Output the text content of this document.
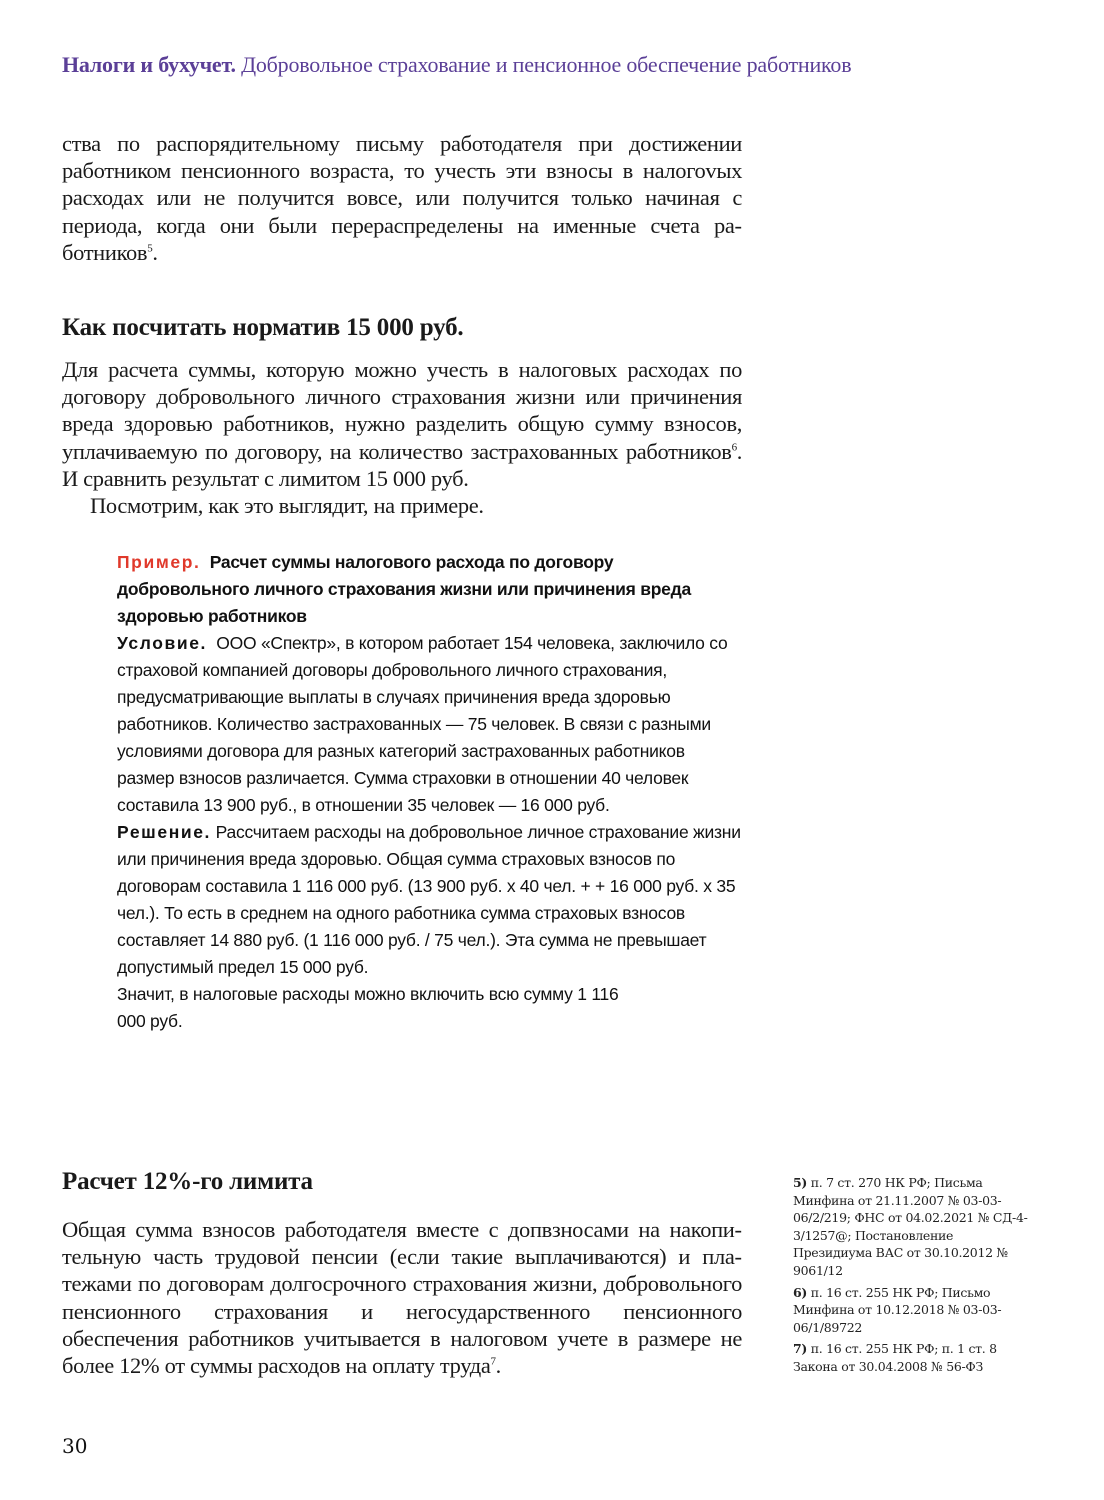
Налоги и бухучет. Добровольное страхование и пенсионное обеспечение работников

ства по распорядительному письму работодателя при достижении работником пенсионного возраста, то учесть эти взносы в налогоvых расходах или не получится вовсе, или получится только начиная с периода, когда они были перераспределены на именные счета работников$^5$.

Как посчитать норматив 15 000 руб.

Для расчета суммы, которую можно учесть в налоговых расходах по договору добровольного личного страхования жизни или причинения вреда здоровью работников, нужно разделить общую сумму взносов, уплачиваемую по договору, на количество застрахованных работников$^6$. И сравнить результат с лимитом 15 000 руб.

Посмотрим, как это выглядит, на примере.

Пример. Расчет суммы налогового расхода по договору добровольного личного страхования жизни или причинения вреда здоровью работников

Условие. ООО «Спектр», в котором работает 154 человека, заключило со страховой компанией договоры добровольного личного страхования, предусматривающие выплаты в случаях причинения вреда здоровью работников. Количество застрахованных — 75 человек. В связи с разными условиями договора для разных категорий застрахованных работников размер взносов различается. Сумма страховки в отношении 40 человек составила 13 900 руб., в отношении 35 человек — 16 000 руб.

Решение. Рассчитаем расходы на добровольное личное страхование жизни или причинения вреда здоровью. Общая сумма страховых взносов по договорам составила 1 116 000 руб. (13 900 руб. х 40 чел. + + 16 000 руб. х 35 чел.). То есть в среднем на одного работника сумма страховых взносов составляет 14 880 руб. (1 116 000 руб. / 75 чел.). Эта сумма не превышает допустимый предел 15 000 руб.

Значит, в налоговые расходы можно включить всю сумму 1 116 000 руб.

Расчет 12%-го лимита

Общая сумма взносов работодателя вместе с допвзносами на накопительную часть трудовой пенсии (если такие выплачиваются) и платежами по договорам долгосрочного страхования жизни, добровольного пенсионного страхования и негосударственного пенсионного обеспечения работников учитывается в налоговом учете в размере не более 12% от суммы расходов на оплату труда$^7$.

5) п. 7 ст. 270 НК РФ; Письма Минфина от 21.11.2007 № 03-03-06/2/219; ФНС от 04.02.2021 № СД-4-3/1257@; Постановление Президиума ВАС от 30.10.2012 № 9061/12

6) п. 16 ст. 255 НК РФ; Письмо Минфина от 10.12.2018 № 03-03-06/1/89722

7) п. 16 ст. 255 НК РФ; п. 1 ст. 8 Закона от 30.04.2008 № 56-ФЗ

30
